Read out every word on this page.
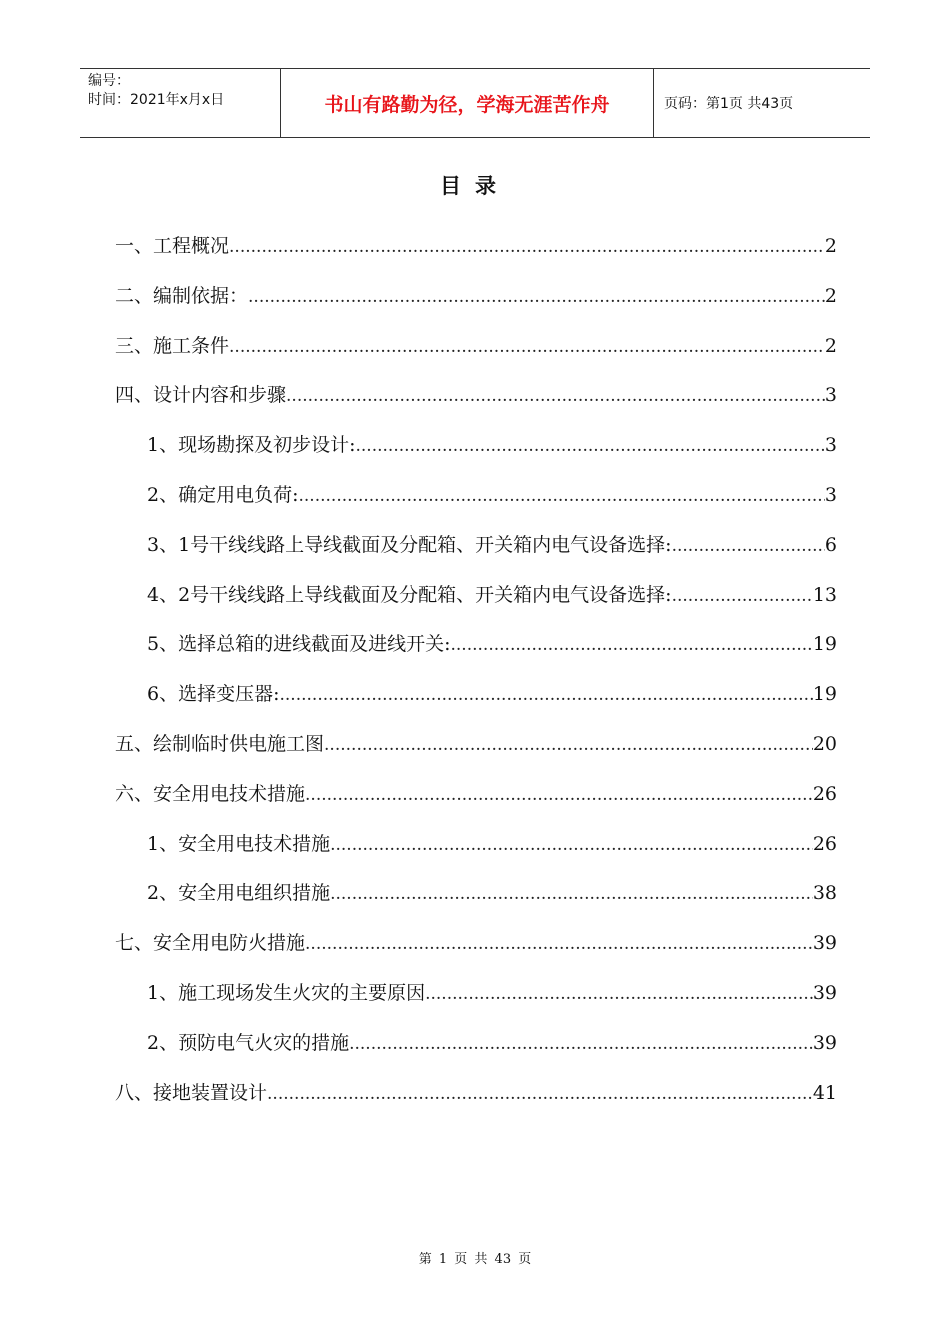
编号：
时间：2021年x月x日	书山有路勤为径，学海无涯苦作舟	页码：第1页 共43页
目录
一、工程概况 .....	2
二、编制依据： .....	2
三、施工条件 .....	2
四、设计内容和步骤 .....	3
1、现场勘探及初步设计: .....	3
2、确定用电负荷: .....	3
3、1号干线线路上导线截面及分配箱、开关箱内电气设备选择: .....	6
4、2号干线线路上导线截面及分配箱、开关箱内电气设备选择: .....	13
5、选择总箱的进线截面及进线开关: .....	19
6、选择变压器: .....	19
五、绘制临时供电施工图 .....	20
六、安全用电技术措施 .....	26
1、安全用电技术措施 .....	26
2、安全用电组织措施 .....	38
七、安全用电防火措施 .....	39
1、施工现场发生火灾的主要原因 .....	39
2、预防电气火灾的措施 .....	39
八、接地装置设计 .....	41
第 1 页 共 43 页
